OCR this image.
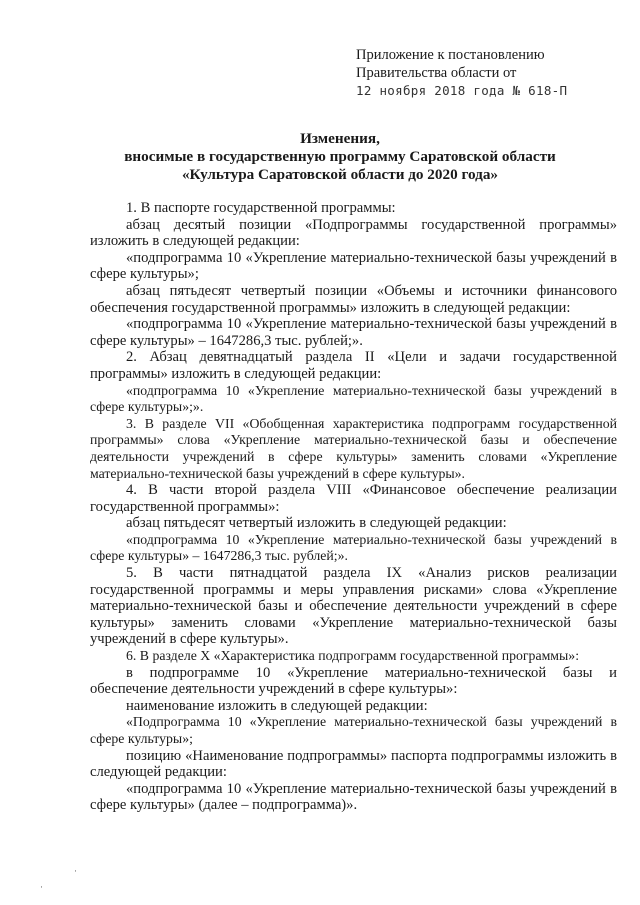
Приложение к постановлению
Правительства области от
12 ноября 2018 года № 618-П
Изменения,
вносимые в государственную программу Саратовской области
«Культура Саратовской области до 2020 года»

1. В паспорте государственной программы:

абзац десятый позиции «Подпрограммы государственной программы» изложить в следующей редакции:

«подпрограмма 10 «Укрепление материально-технической базы учреждений в сфере культуры»;

абзац пятьдесят четвертый позиции «Объемы и источники финансового обеспечения государственной программы» изложить в следующей редакции:

«подпрограмма 10 «Укрепление материально-технической базы учреждений в сфере культуры» – 1647286,3 тыс. рублей;».

2. Абзац девятнадцатый раздела II «Цели и задачи государственной программы» изложить в следующей редакции:

«подпрограмма 10 «Укрепление материально-технической базы учреждений в сфере культуры»;».

3. В разделе VII «Обобщенная характеристика подпрограмм государственной программы» слова «Укрепление материально-технической базы и обеспечение деятельности учреждений в сфере культуры» заменить словами «Укрепление материально-технической базы учреждений в сфере культуры».

4. В части второй раздела VIII «Финансовое обеспечение реализации государственной программы»:

абзац пятьдесят четвертый изложить в следующей редакции:

«подпрограмма 10 «Укрепление материально-технической базы учреждений в сфере культуры» – 1647286,3 тыс. рублей;».

5. В части пятнадцатой раздела IX «Анализ рисков реализации государственной программы и меры управления рисками» слова «Укрепление материально-технической базы и обеспечение деятельности учреждений в сфере культуры» заменить словами «Укрепление материально-технической базы учреждений в сфере культуры».

6. В разделе X «Характеристика подпрограмм государственной программы»:

в подпрограмме 10 «Укрепление материально-технической базы и обеспечение деятельности учреждений в сфере культуры»:

наименование изложить в следующей редакции:

«Подпрограмма 10 «Укрепление материально-технической базы учреждений в сфере культуры»;

позицию «Наименование подпрограммы» паспорта подпрограммы изложить в следующей редакции:

«подпрограмма 10 «Укрепление материально-технической базы учреждений в сфере культуры» (далее – подпрограмма)».

·
·
